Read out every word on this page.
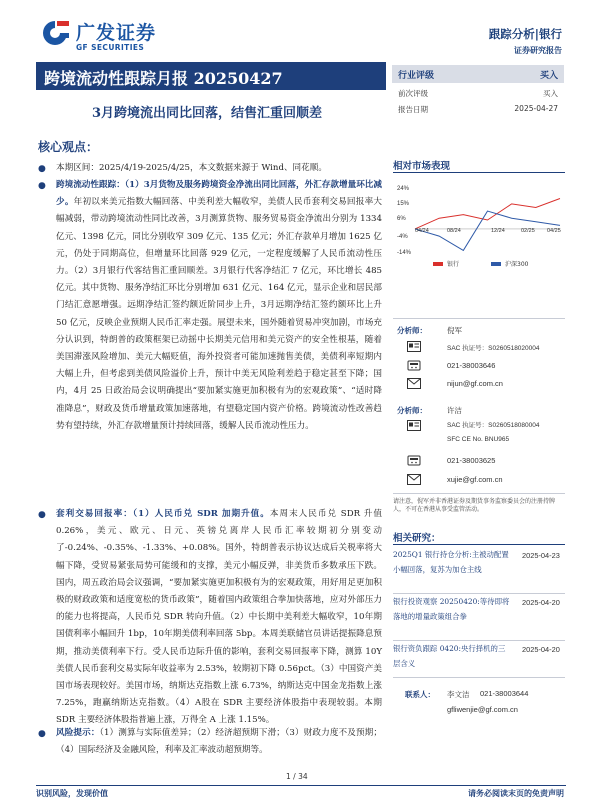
广发证券
GF SECURITIES
跟踪分析|银行
证券研究报告
跨境流动性跟踪月报 20250427
3月跨境流出同比回落，结售汇重回顺差
行业评级	买入
前次评级	买入
报告日期	2025-04-27
核心观点：
● 本期区间：2025/4/19-2025/4/25，本文数据来源于 Wind、同花顺。
● 跨境流动性跟踪：（1）3月货物及服务跨境资金净流出同比回落，外汇存款增量环比减少。年初以来美元指数大幅回落、中美利差大幅收窄，美债人民币套利交易回报率大幅减弱，带动跨境流动性同比改善，3月测算货物、服务贸易资金净流出分别为 1334 亿元、1398 亿元，同比分别收窄 309 亿元、135 亿元；外汇存款单月增加 1625 亿元，仍处于同期高位，但增量环比回落 929 亿元，一定程度缓解了人民币流动性压力。（2）3月银行代客结售汇重回顺差。3月银行代客净结汇 7 亿元，环比增长 485 亿元。其中货物、服务净结汇环比分别增加 631 亿元、164 亿元，显示企业和居民部门结汇意愿增强。远期净结汇签约额近阶同步上升，3月远期净结汇签约额环比上升 50 亿元，反映企业预期人民币汇率走强。展望未来，国外随着贸易冲突加剧，市场充分认识到，特朗普的政策框架已动摇中长期美元信用和美元资产的安全性根基，随着美国滞涨风险增加、美元大幅贬值，海外投资者可能加速抛售美债，美债利率短期内大幅上升，但考虑到美债风险溢价上升，预计中美无风险利差趋于稳定甚至下降；国内，4月 25 日政治局会议明确提出“要加紧实施更加积极有为的宏观政策”、“适时降准降息”，财政及货币增量政策加速落地，有望稳定国内资产价格。跨境流动性改善趋势有望持续，外汇存款增量预计持续回落，缓解人民币流动性压力。
● 套利交易回报率：（1）人民币兑 SDR 加期升值。本周末人民币兑 SDR 升值 0.26%，美元、欧元、日元、英镑兑离岸人民币汇率较期初分别变动了-0.24%、-0.35%、-1.33%、+0.08%。国外，特朗普表示协议达成后关税率将大幅下降，受贸易紧张局势可能缓和的支撑，美元小幅反弹，非美货币多数承压下跌。国内，周五政治局会议强调，“要加紧实施更加积极有为的宏观政策，用好用足更加积极的财政政策和适度宽松的货币政策”，随着国内政策组合拳加快落地，应对外部压力的能力也将提高，人民币兑 SDR 转向升值。（2）中长期中美利差大幅收窄，10年期国债利率小幅回升 1bp，10年期美债利率回落 5bp。本周美联储官员讲话提振降息预期，推动美债利率下行。受人民币边际升值的影响，套利交易回报率下降，测算 10Y 美债人民币套利交易实际年收益率为 2.53%，较期初下降 0.56pct。（3）中国资产美国市场表现较好。美国市场，纳斯达克指数上涨 6.73%，纳斯达克中国金龙指数上涨 7.25%，跑赢纳斯达克指数。（4）A股在 SDR 主要经济体股指中表现较弱。本期 SDR 主要经济体股指普遍上涨，万得全 A 上涨 1.15%。
● 风险提示：（1）测算与实际值差异；（2）经济超预期下滑；（3）财政力度不及预期；（4）国际经济及金融风险，利率及汇率波动超预期等。
相对市场表现
24%
15%
6%
-4%
-14%
04/24	08/24	12/24	02/25 04/25
银行	沪深300
分析师：	倪军
SAC 执证号：S0260518020004
021-38003646
nijun@gf.com.cn
分析师：	许洁
SAC 执证号：S0260518080004
SFC CE No. BNU965
021-38003625
xujie@gf.com.cn
请注意，倪军并非香港证券及期货事务监察委员会的注册持牌人，不可在香港从事受监管活动。
相关研究：
2025Q1 银行持仓分析:主被动配置小幅回落，复苏为加仓主线
2025-04-23
银行投资观察 20250420:等待即将落地的增量政策组合拳
2025-04-20
银行资负跟踪 0420:央行择机的三层含义
2025-04-20
联系人： 李文洁 021-38003644
gfliwenjie@gf.com.cn
1 / 34
识别风险，发现价值	请务必阅读末页的免责声明
